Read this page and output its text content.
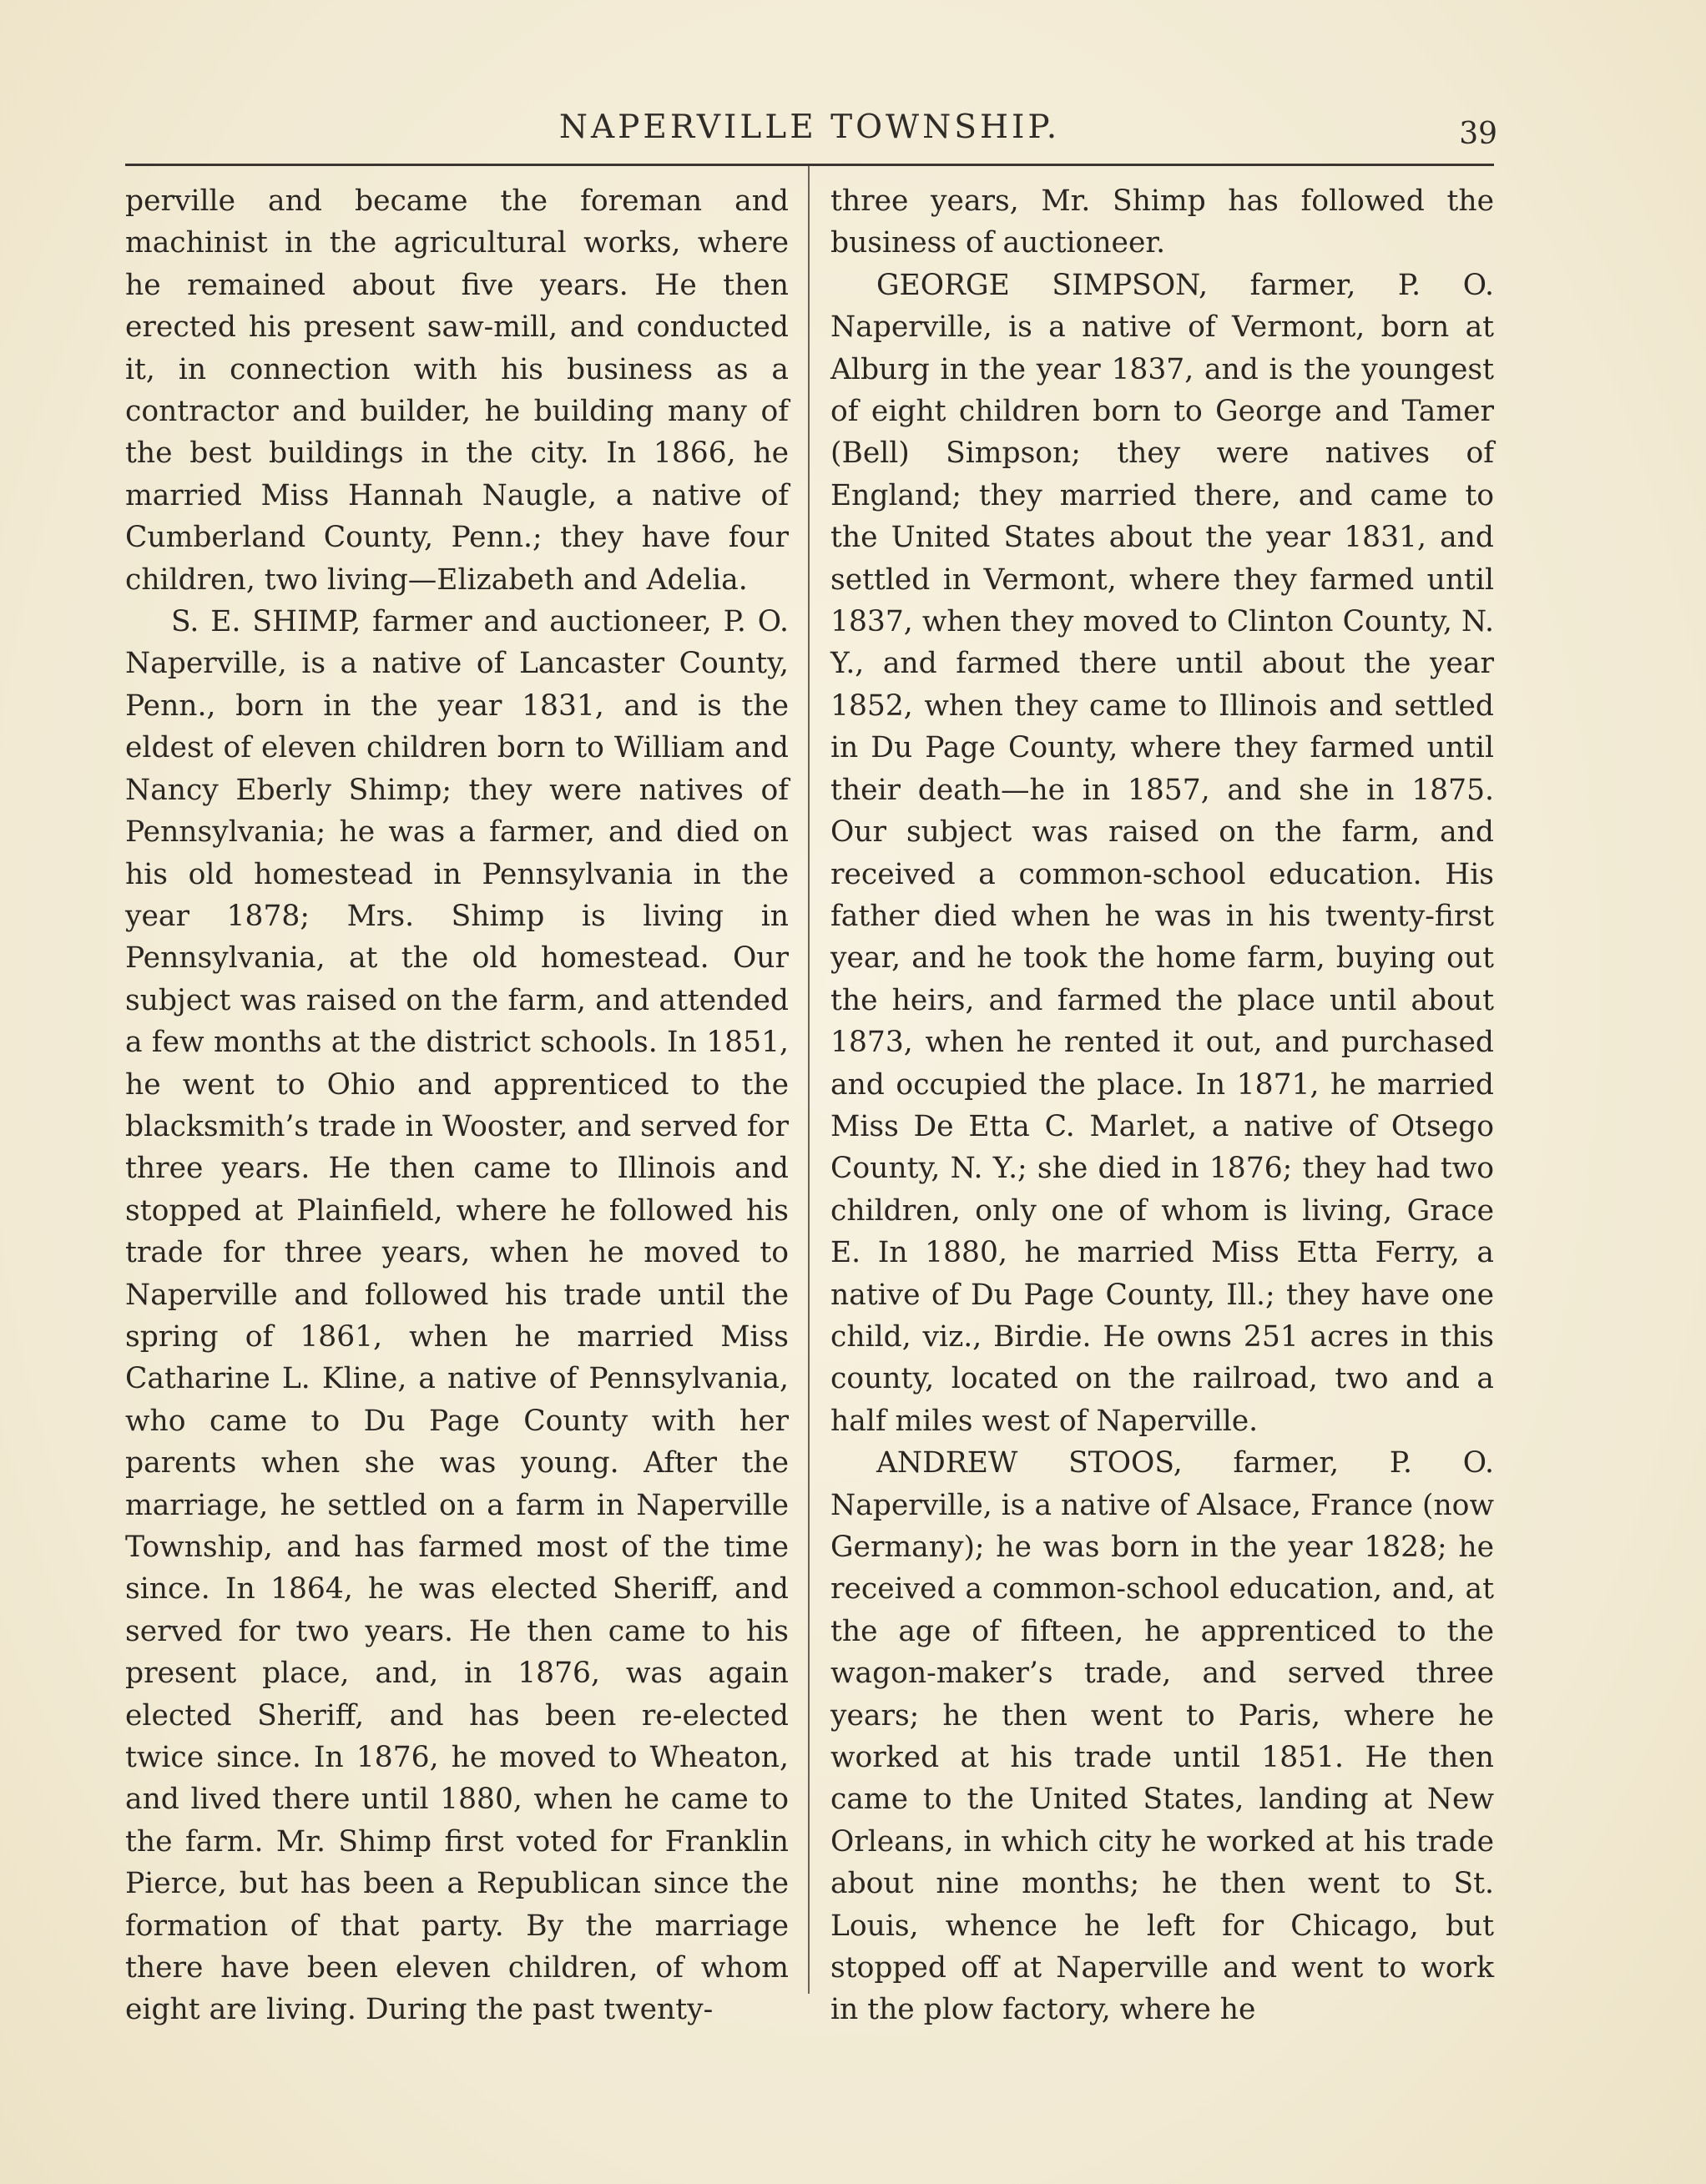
NAPERVILLE TOWNSHIP.	39

perville and became the foreman and machinist in the agricultural works, where he remained about five years. He then erected his present saw-mill, and conducted it, in connection with his business as a contractor and builder, he building many of the best buildings in the city. In 1866, he married Miss Hannah Naugle, a native of Cumberland County, Penn.; they have four children, two living—Elizabeth and Adelia.

S. E. SHIMP, farmer and auctioneer, P. O. Naperville, is a native of Lancaster County, Penn., born in the year 1831, and is the eldest of eleven children born to William and Nancy Eberly Shimp; they were natives of Pennsylvania; he was a farmer, and died on his old homestead in Pennsylvania in the year 1878; Mrs. Shimp is living in Pennsylvania, at the old homestead. Our subject was raised on the farm, and attended a few months at the district schools. In 1851, he went to Ohio and apprenticed to the blacksmith’s trade in Wooster, and served for three years. He then came to Illinois and stopped at Plainfield, where he followed his trade for three years, when he moved to Naperville and followed his trade until the spring of 1861, when he married Miss Catharine L. Kline, a native of Pennsylvania, who came to Du Page County with her parents when she was young. After the marriage, he settled on a farm in Naperville Township, and has farmed most of the time since. In 1864, he was elected Sheriff, and served for two years. He then came to his present place, and, in 1876, was again elected Sheriff, and has been re-elected twice since. In 1876, he moved to Wheaton, and lived there until 1880, when he came to the farm. Mr. Shimp first voted for Franklin Pierce, but has been a Republican since the formation of that party. By the marriage there have been eleven children, of whom eight are living. During the past twenty-

three years, Mr. Shimp has followed the business of auctioneer.

GEORGE SIMPSON, farmer, P. O. Naperville, is a native of Vermont, born at Alburg in the year 1837, and is the youngest of eight children born to George and Tamer (Bell) Simpson; they were natives of England; they married there, and came to the United States about the year 1831, and settled in Vermont, where they farmed until 1837, when they moved to Clinton County, N. Y., and farmed there until about the year 1852, when they came to Illinois and settled in Du Page County, where they farmed until their death—he in 1857, and she in 1875. Our subject was raised on the farm, and received a common-school education. His father died when he was in his twenty-first year, and he took the home farm, buying out the heirs, and farmed the place until about 1873, when he rented it out, and purchased and occupied the place. In 1871, he married Miss De Etta C. Marlet, a native of Otsego County, N. Y.; she died in 1876; they had two children, only one of whom is living, Grace E. In 1880, he married Miss Etta Ferry, a native of Du Page County, Ill.; they have one child, viz., Birdie. He owns 251 acres in this county, located on the railroad, two and a half miles west of Naperville.

ANDREW STOOS, farmer, P. O. Naperville, is a native of Alsace, France (now Germany); he was born in the year 1828; he received a common-school education, and, at the age of fifteen, he apprenticed to the wagon-maker’s trade, and served three years; he then went to Paris, where he worked at his trade until 1851. He then came to the United States, landing at New Orleans, in which city he worked at his trade about nine months; he then went to St. Louis, whence he left for Chicago, but stopped off at Naperville and went to work in the plow factory, where he
